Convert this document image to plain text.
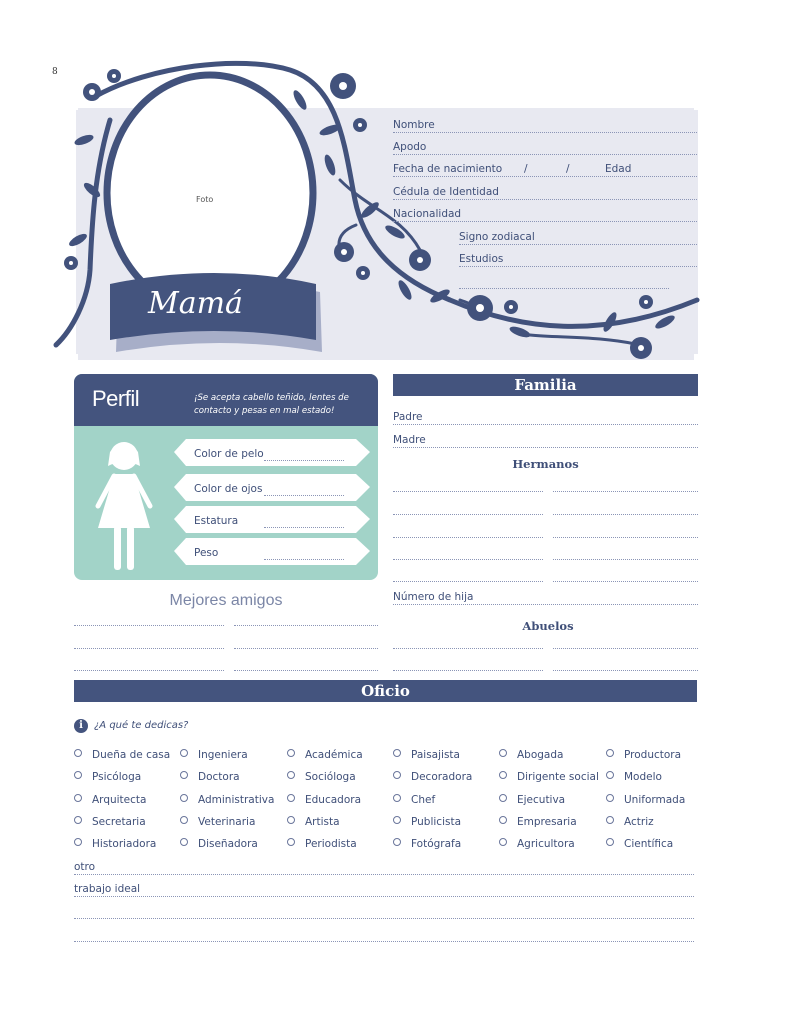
8
Foto
Mamá
Nombre
Apodo
Fecha de nacimiento /	/	Edad
Cédula de Identidad
Nacionalidad
Signo zodiacal
Estudios
Perfil	¡Se acepta cabello teñido, lentes de contacto y pesas en mal estado!
Color de pelo
Color de ojos
Estatura
Peso
Mejores amigos
Familia
Padre
Madre
Hermanos
Número de hija
Abuelos
Oficio
i	¿A qué te dedicas?
Dueña de casa
Psicóloga
Arquitecta
Secretaria
Historiadora
Ingeniera
Doctora
Administrativa
Veterinaria
Diseñadora
Académica
Socióloga
Educadora
Artista
Periodista
Paisajista
Decoradora
Chef
Publicista
Fotógrafa
Abogada
Dirigente social
Ejecutiva
Empresaria
Agricultora
Productora
Modelo
Uniformada
Actriz
Científica
otro
trabajo ideal
